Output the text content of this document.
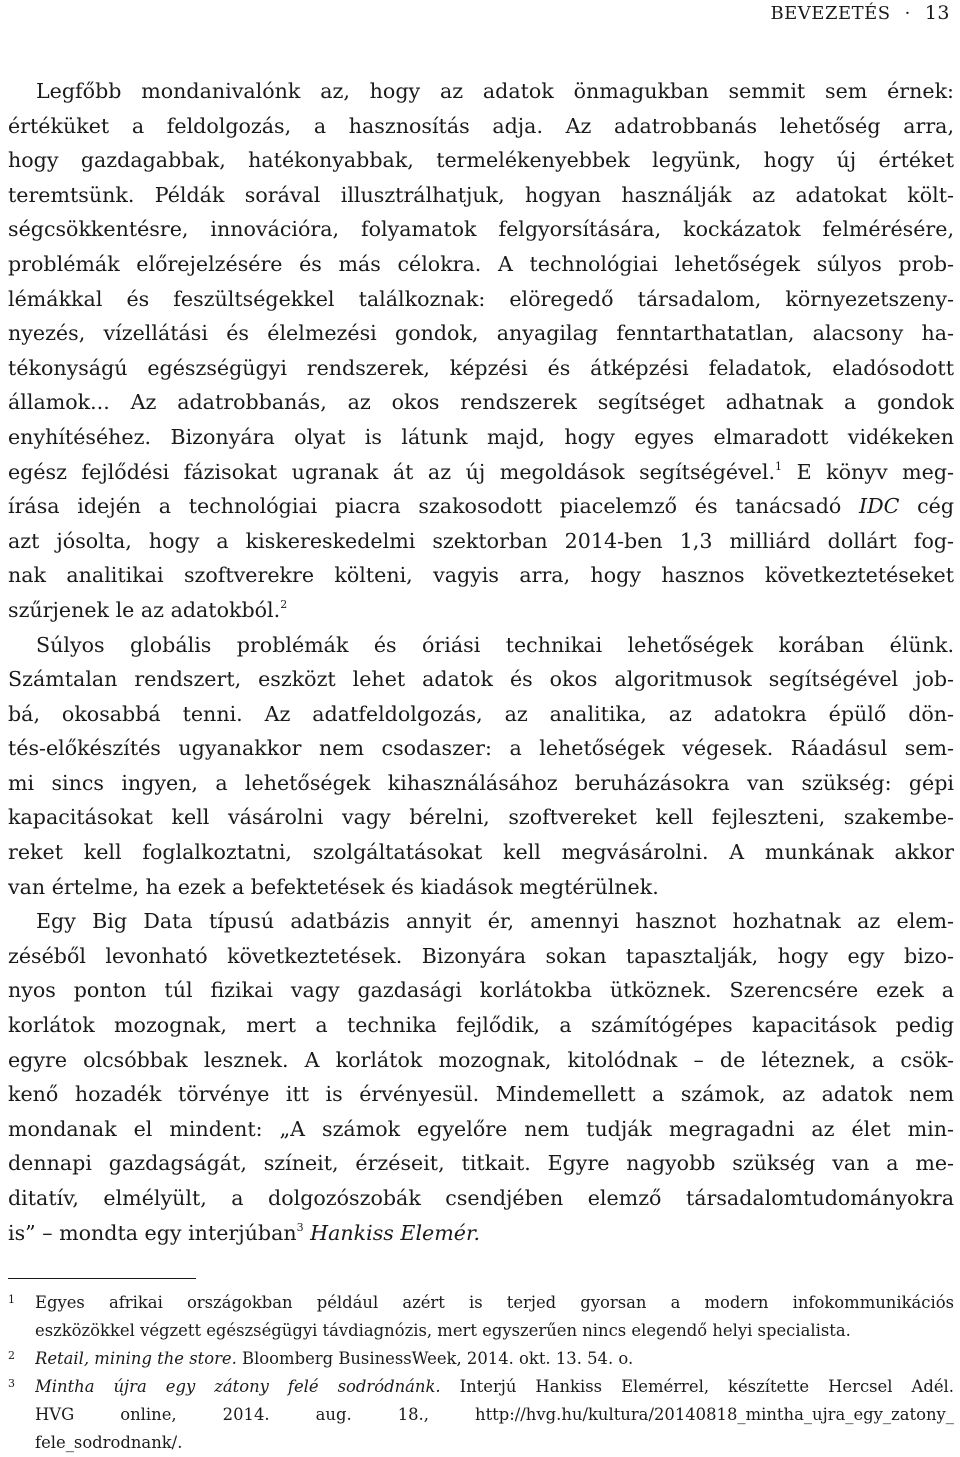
BEVEZETÉS · 13
Legfőbb mondanivalónk az, hogy az adatok önmagukban semmit sem érnek:
értéküket a feldolgozás, a hasznosítás adja. Az adatrobbanás lehetőség arra,
hogy gazdagabbak, hatékonyabbak, termelékenyebbek legyünk, hogy új értéket
teremtsünk. Példák sorával illusztrálhatjuk, hogyan használják az adatokat költ-
ségcsökkentésre, innovációra, folyamatok felgyorsítására, kockázatok felmérésére,
problémák előrejelzésére és más célokra. A technológiai lehetőségek súlyos prob-
lémákkal és feszültségekkel találkoznak: elöregedő társadalom, környezetszeny-
nyezés, vízellátási és élelmezési gondok, anyagilag fenntarthatatlan, alacsony ha-
tékonyságú egészségügyi rendszerek, képzési és átképzési feladatok, eladósodott
államok... Az adatrobbanás, az okos rendszerek segítséget adhatnak a gondok
enyhítéséhez. Bizonyára olyat is látunk majd, hogy egyes elmaradott vidékeken
egész fejlődési fázisokat ugranak át az új megoldások segítségével.$^1$ E könyv meg-
írása idején a technológiai piacra szakosodott piacelemző és tanácsadó IDC cég
azt jósolta, hogy a kiskereskedelmi szektorban 2014-ben 1,3 milliárd dollárt fog-
nak analitikai szoftverekre költeni, vagyis arra, hogy hasznos következtetéseket
szűrjenek le az adatokból.$^2$
Súlyos globális problémák és óriási technikai lehetőségek korában élünk.
Számtalan rendszert, eszközt lehet adatok és okos algoritmusok segítségével job-
bá, okosabbá tenni. Az adatfeldolgozás, az analitika, az adatokra épülő dön-
tés-előkészítés ugyanakkor nem csodaszer: a lehetőségek végesek. Ráadásul sem-
mi sincs ingyen, a lehetőségek kihasználásához beruházásokra van szükség: gépi
kapacitásokat kell vásárolni vagy bérelni, szoftvereket kell fejleszteni, szakembe-
reket kell foglalkoztatni, szolgáltatásokat kell megvásárolni. A munkának akkor
van értelme, ha ezek a befektetések és kiadások megtérülnek.
Egy Big Data típusú adatbázis annyit ér, amennyi hasznot hozhatnak az elem-
zéséből levonható következtetések. Bizonyára sokan tapasztalják, hogy egy bizo-
nyos ponton túl fizikai vagy gazdasági korlátokba ütköznek. Szerencsére ezek a
korlátok mozognak, mert a technika fejlődik, a számítógépes kapacitások pedig
egyre olcsóbbak lesznek. A korlátok mozognak, kitolódnak – de léteznek, a csök-
kenő hozadék törvénye itt is érvényesül. Mindemellett a számok, az adatok nem
mondanak el mindent: „A számok egyelőre nem tudják megragadni az élet min-
dennapi gazdagságát, színeit, érzéseit, titkait. Egyre nagyobb szükség van a me-
ditatív, elmélyült, a dolgozószobák csendjében elemző társadalomtudományokra
is” – mondta egy interjúban$^3$ Hankiss Elemér.
1 Egyes afrikai országokban például azért is terjed gyorsan a modern infokommunikációs
eszközökkel végzett egészségügyi távdiagnózis, mert egyszerűen nincs elegendő helyi specialista.
2 Retail, mining the store. Bloomberg BusinessWeek, 2014. okt. 13. 54. o.
3 Mintha újra egy zátony felé sodródnánk. Interjú Hankiss Elemérrel, készítette Hercsel Adél.
HVG online, 2014. aug. 18., http://hvg.hu/kultura/20140818_mintha_ujra_egy_zatony_
fele_sodrodnank/.
